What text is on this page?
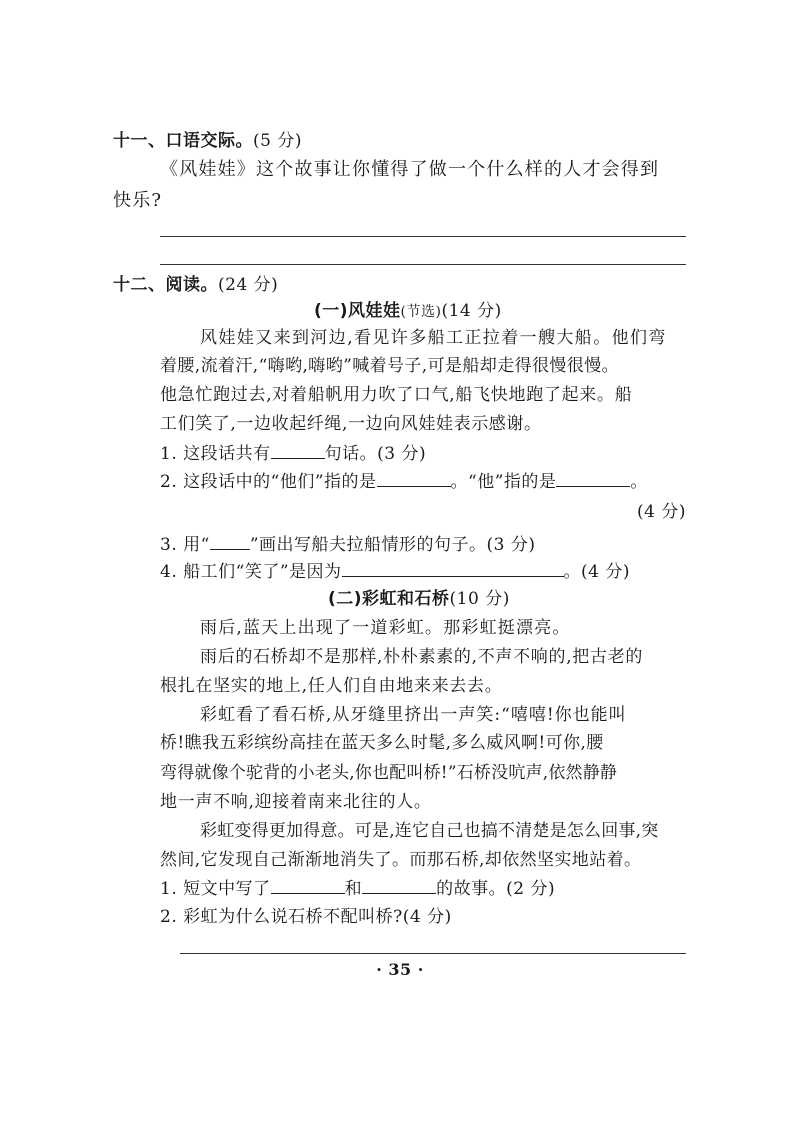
十一、口语交际。(5 分)
《风娃娃》这个故事让你懂得了做一个什么样的人才会得到
快乐?
十二、阅读。(24 分)
(一)风娃娃(节选)(14 分)
风娃娃又来到河边,看见许多船工正拉着一艘大船。他们弯
着腰,流着汗,“嗨哟,嗨哟”喊着号子,可是船却走得很慢很慢。
他急忙跑过去,对着船帆用力吹了口气,船飞快地跑了起来。船
工们笑了,一边收起纤绳,一边向风娃娃表示感谢。
1. 这段话共有	句话。(3 分)
2. 这段话中的“他们”指的是	。“他”指的是	。
(4 分)
3. 用“ ”画出写船夫拉船情形的句子。(3 分)
4. 船工们“笑了”是因为	。(4 分)
(二)彩虹和石桥(10 分)
雨后,蓝天上出现了一道彩虹。那彩虹挺漂亮。
雨后的石桥却不是那样,朴朴素素的,不声不响的,把古老的
根扎在坚实的地上,任人们自由地来来去去。
彩虹看了看石桥,从牙缝里挤出一声笑:“嘻嘻!你也能叫
桥!瞧我五彩缤纷高挂在蓝天多么时髦,多么威风啊!可你,腰
弯得就像个驼背的小老头,你也配叫桥!”石桥没吭声,依然静静
地一声不响,迎接着南来北往的人。
彩虹变得更加得意。可是,连它自己也搞不清楚是怎么回事,突
然间,它发现自己渐渐地消失了。而那石桥,却依然坚实地站着。
1. 短文中写了	和	的故事。(2 分)
2. 彩虹为什么说石桥不配叫桥?(4 分)
· 35 ·
